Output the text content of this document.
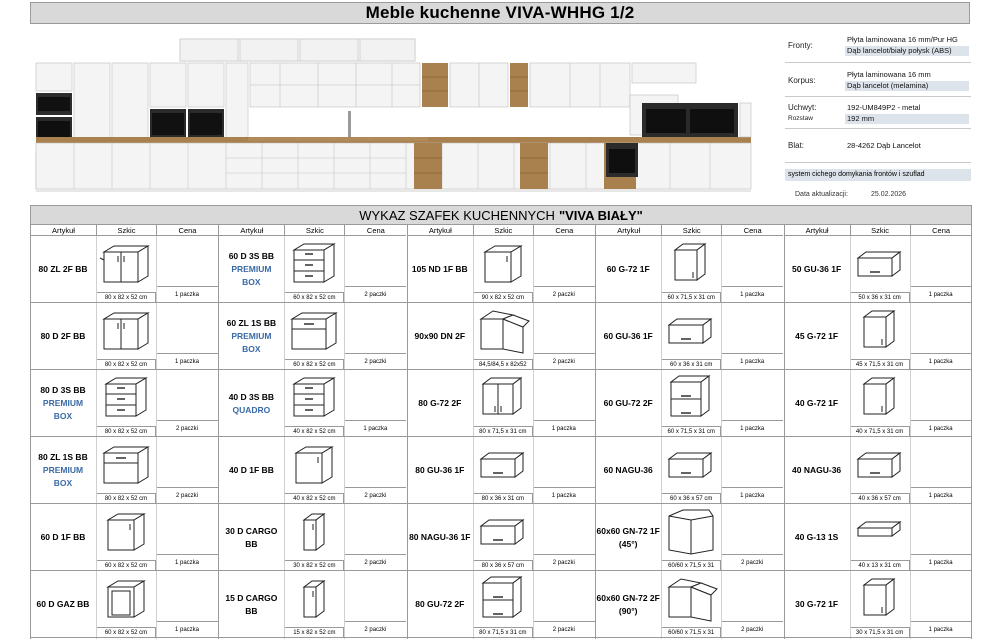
Meble kuchenne VIVA-WHHG 1/2
Fronty:
Płyta laminowana 16 mm/Pur HG
Dąb lancelot/biały połysk (ABS)
Korpus:
Płyta laminowana 16 mm
Dąb lancelot (melamina)
Uchwyt:	192-UM849P2 - metal
Rozstaw	192 mm
Blat:	28-4262 Dąb Lancelot
system cichego domykania frontów i szuflad
Data aktualizacji:	25.02.2026
WYKAZ SZAFEK KUCHENNYCH "VIVA BIAŁY"
Artykuł	Szkic	Cena
80 ZL 2F BB
80 x 82 x 52 cm	1 paczka
80 D 2F BB
80 x 82 x 52 cm	1 paczka
80 D 3S BB
PREMIUM
BOX
80 x 82 x 52 cm	2 paczki
80 ZL 1S BB
PREMIUM
BOX
80 x 82 x 52 cm	2 paczki
60 D 1F BB
60 x 82 x 52 cm	1 paczka
60 D GAZ BB
60 x 82 x 52 cm	1 paczka
Artykuł	Szkic	Cena
60 D 3S BB
PREMIUM
BOX
60 x 82 x 52 cm	2 paczki
60 ZL 1S BB
PREMIUM
BOX
60 x 82 x 52 cm	2 paczki
40 D 3S BB
QUADRO
40 x 82 x 52 cm	1 paczka
40 D 1F BB
40 x 82 x 52 cm	2 paczki
30 D CARGO BB
30 x 82 x 52 cm	2 paczki
15 D CARGO BB
15 x 82 x 52 cm	2 paczki
Artykuł	Szkic	Cena
105 ND 1F BB
90 x 82 x 52 cm	2 paczki
90x90 DN 2F
84,5/84,5 x 82x52	2 paczki
80 G-72 2F
80 x 71,5 x 31 cm	1 paczka
80 GU-36 1F
80 x 36 x 31 cm	1 paczka
80 NAGU-36 1F
80 x 36 x 57 cm	2 paczki
80 GU-72 2F
80 x 71,5 x 31 cm	2 paczki
Artykuł	Szkic	Cena
60 G-72 1F
60 x 71,5 x 31 cm	1 paczka
60 GU-36 1F
60 x 36 x 31 cm	1 paczka
60 GU-72 2F
60 x 71,5 x 31 cm	1 paczka
60 NAGU-36
60 x 36 x 57 cm	1 paczka
60x60 GN-72 1F (45°)
60/60 x 71,5 x 31	2 paczki
60x60 GN-72 2F (90°)
60/60 x 71,5 x 31	2 paczki
Artykuł	Szkic	Cena
50 GU-36 1F
50 x 36 x 31 cm	1 paczka
45 G-72 1F
45 x 71,5 x 31 cm	1 paczka
40 G-72 1F
40 x 71,5 x 31 cm	1 paczka
40 NAGU-36
40 x 36 x 57 cm	1 paczka
40 G-13 1S
40 x 13 x 31 cm	1 paczka
30 G-72 1F
30 x 71,5 x 31 cm	1 paczka
